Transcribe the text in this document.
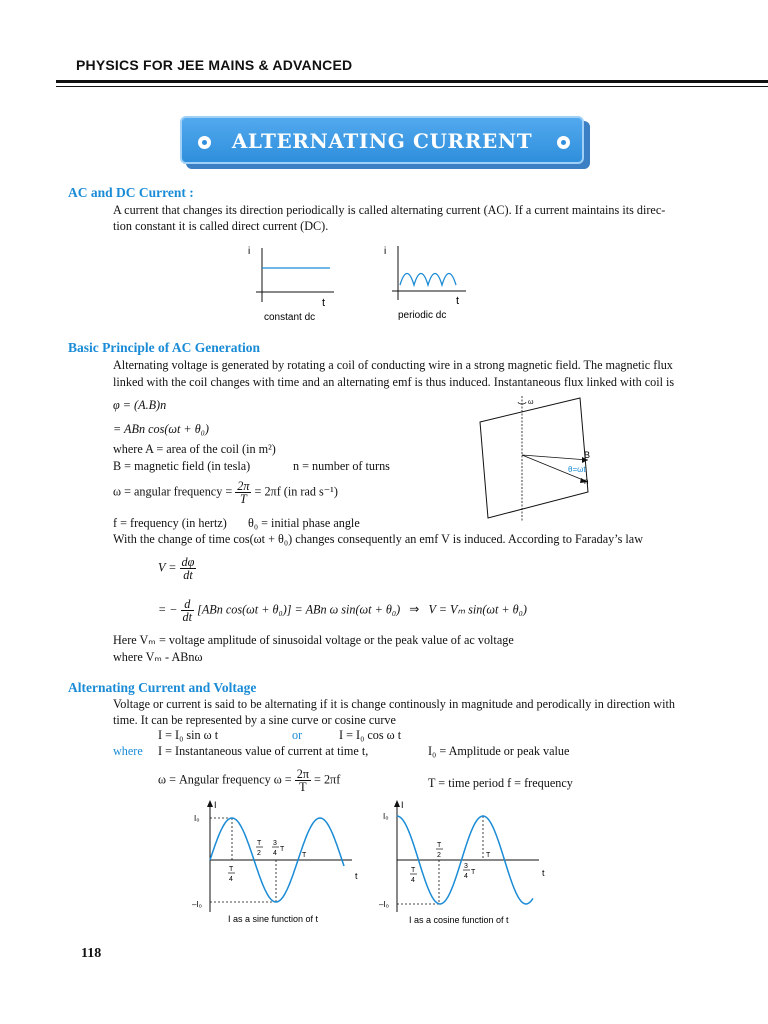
PHYSICS FOR JEE MAINS & ADVANCED
ALTERNATING CURRENT
AC and DC Current :
A current that changes its direction periodically is called alternating current (AC). If a current maintains its direc-
tion constant it is called direct current (DC).
i
t
constant dc
i
t
periodic dc
Basic Principle of AC Generation
Alternating voltage is generated by rotating a coil of conducting wire in a strong magnetic field. The magnetic flux
linked with the coil changes with time and an alternating emf is thus induced. Instantaneous flux linked with coil is
φ = (A.B)n
= ABn cos(ωt + θ₀)
where A = area of the coil (in m²)
B = magnetic field (in tesla)	n = number of turns
ω = angular frequency = $\frac{2\pi}{T} = 2\pi f$ (in rad s⁻¹)
f = frequency (in hertz) θ₀ = initial phase angle
With the change of time cos(ωt + θ₀) changes consequently an emf V is induced. According to Faraday’s law
$V = \frac{d\varphi}{dt}$
= − $\frac{d}{dt} [ABn$ cos(ωt + θ₀)] = ABn ω sin(ωt + θ₀) ⇒ V = Vₘ sin(ωt + θ₀)
Here Vₘ = voltage amplitude of sinusoidal voltage or the peak value of ac voltage
where Vₘ - ABnω
ω
B
n
θ=ωt
Alternating Current and Voltage
Voltage or current is said to be alternating if it is change continously in magnitude and perodically in direction with
time. It can be represented by a sine curve or cosine curve
I = I₀ sin ω t	or	I = I₀ cos ω t
where I = Instantaneous value of current at time t,	I₀ = Amplitude or peak value
ω = Angular frequency $\omega = \frac{2\pi}{T} = 2\pi f$	T = time period f = frequency
I
I₀
–I₀
t
T
4
T
2
3
4
T
T
I as a sine function of t
I
I₀
–I₀
t
T
4
T
2
3
4
T
T
I as a cosine function of t
118
